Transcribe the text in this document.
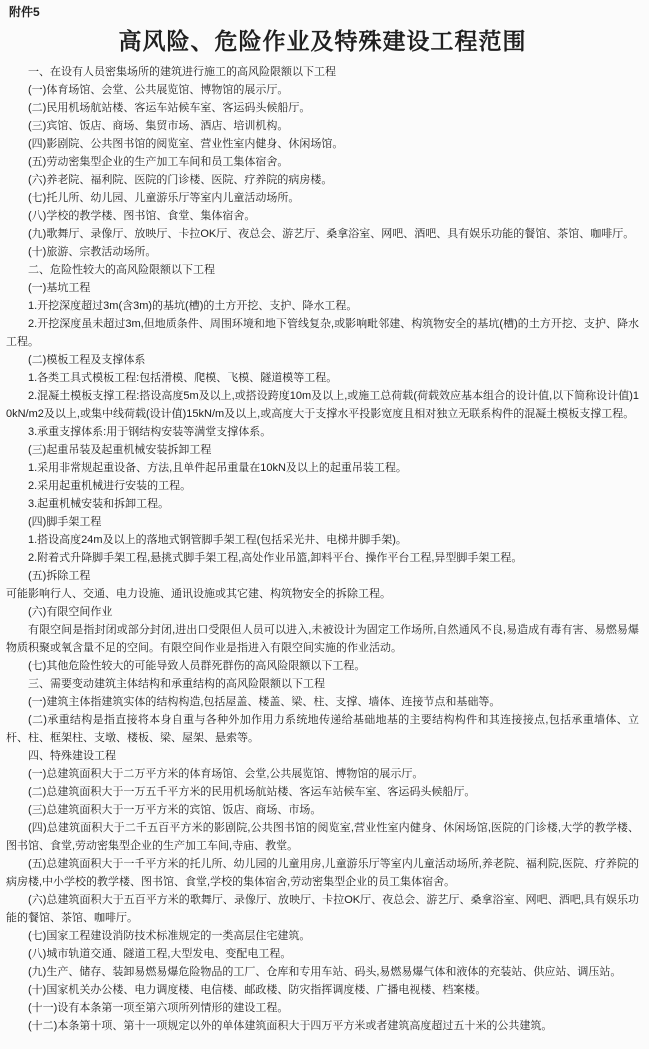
附件5
高风险、危险作业及特殊建设工程范围

一、在设有人员密集场所的建筑进行施工的高风险限额以下工程

(一)体育场馆、会堂、公共展览馆、博物馆的展示厅。

(二)民用机场航站楼、客运车站候车室、客运码头候船厅。

(三)宾馆、饭店、商场、集贸市场、酒店、培训机构。

(四)影剧院、公共图书馆的阅览室、营业性室内健身、休闲场馆。

(五)劳动密集型企业的生产加工车间和员工集体宿舍。

(六)养老院、福利院、医院的门诊楼、医院、疗养院的病房楼。

(七)托儿所、幼儿园、儿童游乐厅等室内儿童活动场所。

(八)学校的教学楼、图书馆、食堂、集体宿舍。

(九)歌舞厅、录像厅、放映厅、卡拉OK厅、夜总会、游艺厅、桑拿浴室、网吧、酒吧、具有娱乐功能的餐馆、茶馆、咖啡厅。

(十)旅游、宗教活动场所。

二、危险性较大的高风险限额以下工程

(一)基坑工程

1.开挖深度超过3m(含3m)的基坑(槽)的土方开挖、支护、降水工程。

2.开挖深度虽未超过3m,但地质条件、周围环境和地下管线复杂,或影响毗邻建、构筑物安全的基坑(槽)的土方开挖、支护、降水工程。

(二)模板工程及支撑体系

1.各类工具式模板工程:包括滑模、爬模、飞模、隧道模等工程。

2.混凝土模板支撑工程:搭设高度5m及以上,或搭设跨度10m及以上,或施工总荷载(荷载效应基本组合的设计值,以下简称设计值)10kN/m2及以上,或集中线荷载(设计值)15kN/m及以上,或高度大于支撑水平投影宽度且相对独立无联系构件的混凝土模板支撑工程。

3.承重支撑体系:用于钢结构安装等满堂支撑体系。

(三)起重吊装及起重机械安装拆卸工程

1.采用非常规起重设备、方法,且单件起吊重量在10kN及以上的起重吊装工程。

2.采用起重机械进行安装的工程。

3.起重机械安装和拆卸工程。

(四)脚手架工程

1.搭设高度24m及以上的落地式钢管脚手架工程(包括采光井、电梯井脚手架)。

2.附着式升降脚手架工程,悬挑式脚手架工程,高处作业吊篮,卸料平台、操作平台工程,异型脚手架工程。

(五)拆除工程

可能影响行人、交通、电力设施、通讯设施或其它建、构筑物安全的拆除工程。

(六)有限空间作业

有限空间是指封闭或部分封闭,进出口受限但人员可以进入,未被设计为固定工作场所,自然通风不良,易造成有毒有害、易燃易爆物质积聚或氧含量不足的空间。有限空间作业是指进入有限空间实施的作业活动。

(七)其他危险性较大的可能导致人员群死群伤的高风险限额以下工程。

三、需要变动建筑主体结构和承重结构的高风险限额以下工程

(一)建筑主体指建筑实体的结构构造,包括屋盖、楼盖、梁、柱、支撑、墙体、连接节点和基础等。

(二)承重结构是指直接将本身自重与各种外加作用力系统地传递给基础地基的主要结构构件和其连接接点,包括承重墙体、立杆、柱、框架柱、支墩、楼板、梁、屋架、悬索等。

四、特殊建设工程

(一)总建筑面积大于二万平方米的体育场馆、会堂,公共展览馆、博物馆的展示厅。

(二)总建筑面积大于一万五千平方米的民用机场航站楼、客运车站候车室、客运码头候船厅。

(三)总建筑面积大于一万平方米的宾馆、饭店、商场、市场。

(四)总建筑面积大于二千五百平方米的影剧院,公共图书馆的阅览室,营业性室内健身、休闲场馆,医院的门诊楼,大学的教学楼、图书馆、食堂,劳动密集型企业的生产加工车间,寺庙、教堂。

(五)总建筑面积大于一千平方米的托儿所、幼儿园的儿童用房,儿童游乐厅等室内儿童活动场所,养老院、福利院,医院、疗养院的病房楼,中小学校的教学楼、图书馆、食堂,学校的集体宿舍,劳动密集型企业的员工集体宿舍。

(六)总建筑面积大于五百平方米的歌舞厅、录像厅、放映厅、卡拉OK厅、夜总会、游艺厅、桑拿浴室、网吧、酒吧,具有娱乐功能的餐馆、茶馆、咖啡厅。

(七)国家工程建设消防技术标准规定的一类高层住宅建筑。

(八)城市轨道交通、隧道工程,大型发电、变配电工程。

(九)生产、储存、装卸易燃易爆危险物品的工厂、仓库和专用车站、码头,易燃易爆气体和液体的充装站、供应站、调压站。

(十)国家机关办公楼、电力调度楼、电信楼、邮政楼、防灾指挥调度楼、广播电视楼、档案楼。

(十一)设有本条第一项至第六项所列情形的建设工程。

(十二)本条第十项、第十一项规定以外的单体建筑面积大于四万平方米或者建筑高度超过五十米的公共建筑。
